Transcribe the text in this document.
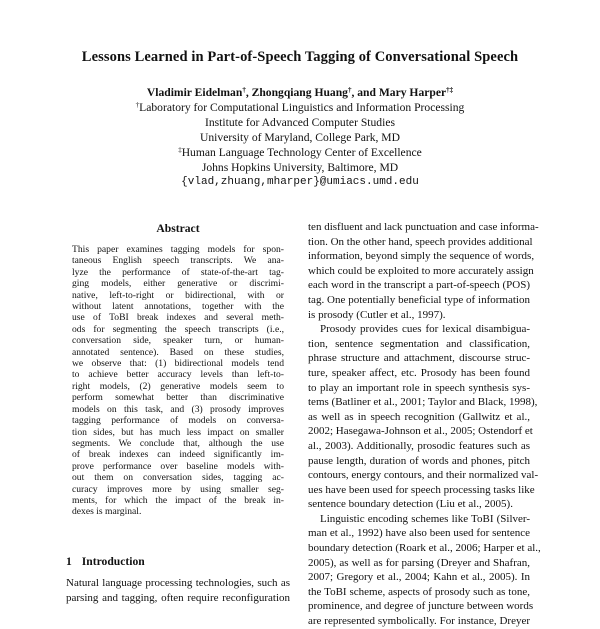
Lessons Learned in Part-of-Speech Tagging of Conversational Speech
Vladimir Eidelman†, Zhongqiang Huang†, and Mary Harper†‡
†Laboratory for Computational Linguistics and Information Processing
Institute for Advanced Computer Studies
University of Maryland, College Park, MD
‡Human Language Technology Center of Excellence
Johns Hopkins University, Baltimore, MD
{vlad,zhuang,mharper}@umiacs.umd.edu
Abstract
This paper examines tagging models for spon-
taneous English speech transcripts. We ana-
lyze the performance of state-of-the-art tag-
ging models, either generative or discrimi-
native, left-to-right or bidirectional, with or
without latent annotations, together with the
use of ToBI break indexes and several meth-
ods for segmenting the speech transcripts (i.e.,
conversation side, speaker turn, or human-
annotated sentence). Based on these studies,
we observe that: (1) bidirectional models tend
to achieve better accuracy levels than left-to-
right models, (2) generative models seem to
perform somewhat better than discriminative
models on this task, and (3) prosody improves
tagging performance of models on conversa-
tion sides, but has much less impact on smaller
segments. We conclude that, although the use
of break indexes can indeed significantly im-
prove performance over baseline models with-
out them on conversation sides, tagging ac-
curacy improves more by using smaller seg-
ments, for which the impact of the break in-
dexes is marginal.
1 Introduction
Natural language processing technologies, such as
parsing and tagging, often require reconfiguration
ten disfluent and lack punctuation and case informa-
tion. On the other hand, speech provides additional
information, beyond simply the sequence of words,
which could be exploited to more accurately assign
each word in the transcript a part-of-speech (POS)
tag. One potentially beneficial type of information
is prosody (Cutler et al., 1997).
Prosody provides cues for lexical disambigua-
tion, sentence segmentation and classification,
phrase structure and attachment, discourse struc-
ture, speaker affect, etc. Prosody has been found
to play an important role in speech synthesis sys-
tems (Batliner et al., 2001; Taylor and Black, 1998),
as well as in speech recognition (Gallwitz et al.,
2002; Hasegawa-Johnson et al., 2005; Ostendorf et
al., 2003). Additionally, prosodic features such as
pause length, duration of words and phones, pitch
contours, energy contours, and their normalized val-
ues have been used for speech processing tasks like
sentence boundary detection (Liu et al., 2005).
Linguistic encoding schemes like ToBI (Silver-
man et al., 1992) have also been used for sentence
boundary detection (Roark et al., 2006; Harper et al.,
2005), as well as for parsing (Dreyer and Shafran,
2007; Gregory et al., 2004; Kahn et al., 2005). In
the ToBI scheme, aspects of prosody such as tone,
prominence, and degree of juncture between words
are represented symbolically. For instance, Dreyer
